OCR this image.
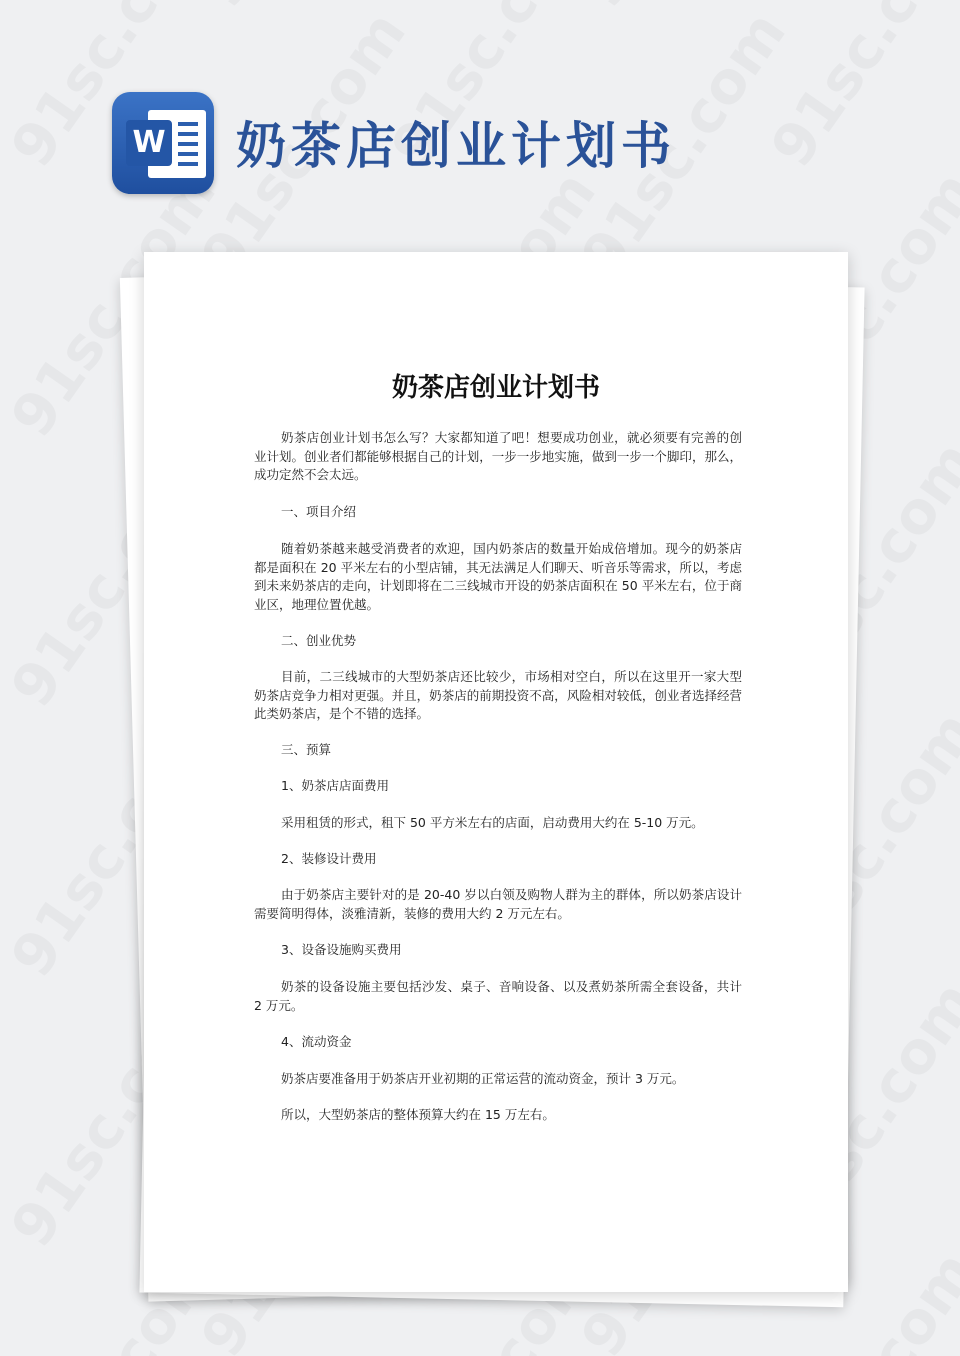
W 奶茶店创业计划书
奶茶店创业计划书

奶茶店创业计划书怎么写？大家都知道了吧！想要成功创业，就必须要有完善的创业计划。创业者们都能够根据自己的计划，一步一步地实施，做到一步一个脚印，那么，成功定然不会太远。

一、项目介绍

随着奶茶越来越受消费者的欢迎，国内奶茶店的数量开始成倍增加。现今的奶茶店都是面积在 20 平米左右的小型店铺，其无法满足人们聊天、听音乐等需求，所以，考虑到未来奶茶店的走向，计划即将在二三线城市开设的奶茶店面积在 50 平米左右，位于商业区，地理位置优越。

二、创业优势

目前，二三线城市的大型奶茶店还比较少，市场相对空白，所以在这里开一家大型奶茶店竞争力相对更强。并且，奶茶店的前期投资不高，风险相对较低，创业者选择经营此类奶茶店，是个不错的选择。

三、预算

1、奶茶店店面费用

采用租赁的形式，租下 50 平方米左右的店面，启动费用大约在 5-10 万元。

2、装修设计费用

由于奶茶店主要针对的是 20-40 岁以白领及购物人群为主的群体，所以奶茶店设计需要简明得体，淡雅清新，装修的费用大约 2 万元左右。

3、设备设施购买费用

奶茶的设备设施主要包括沙发、桌子、音响设备、以及煮奶茶所需全套设备，共计 2 万元。

4、流动资金

奶茶店要准备用于奶茶店开业初期的正常运营的流动资金，预计 3 万元。

所以，大型奶茶店的整体预算大约在 15 万左右。
